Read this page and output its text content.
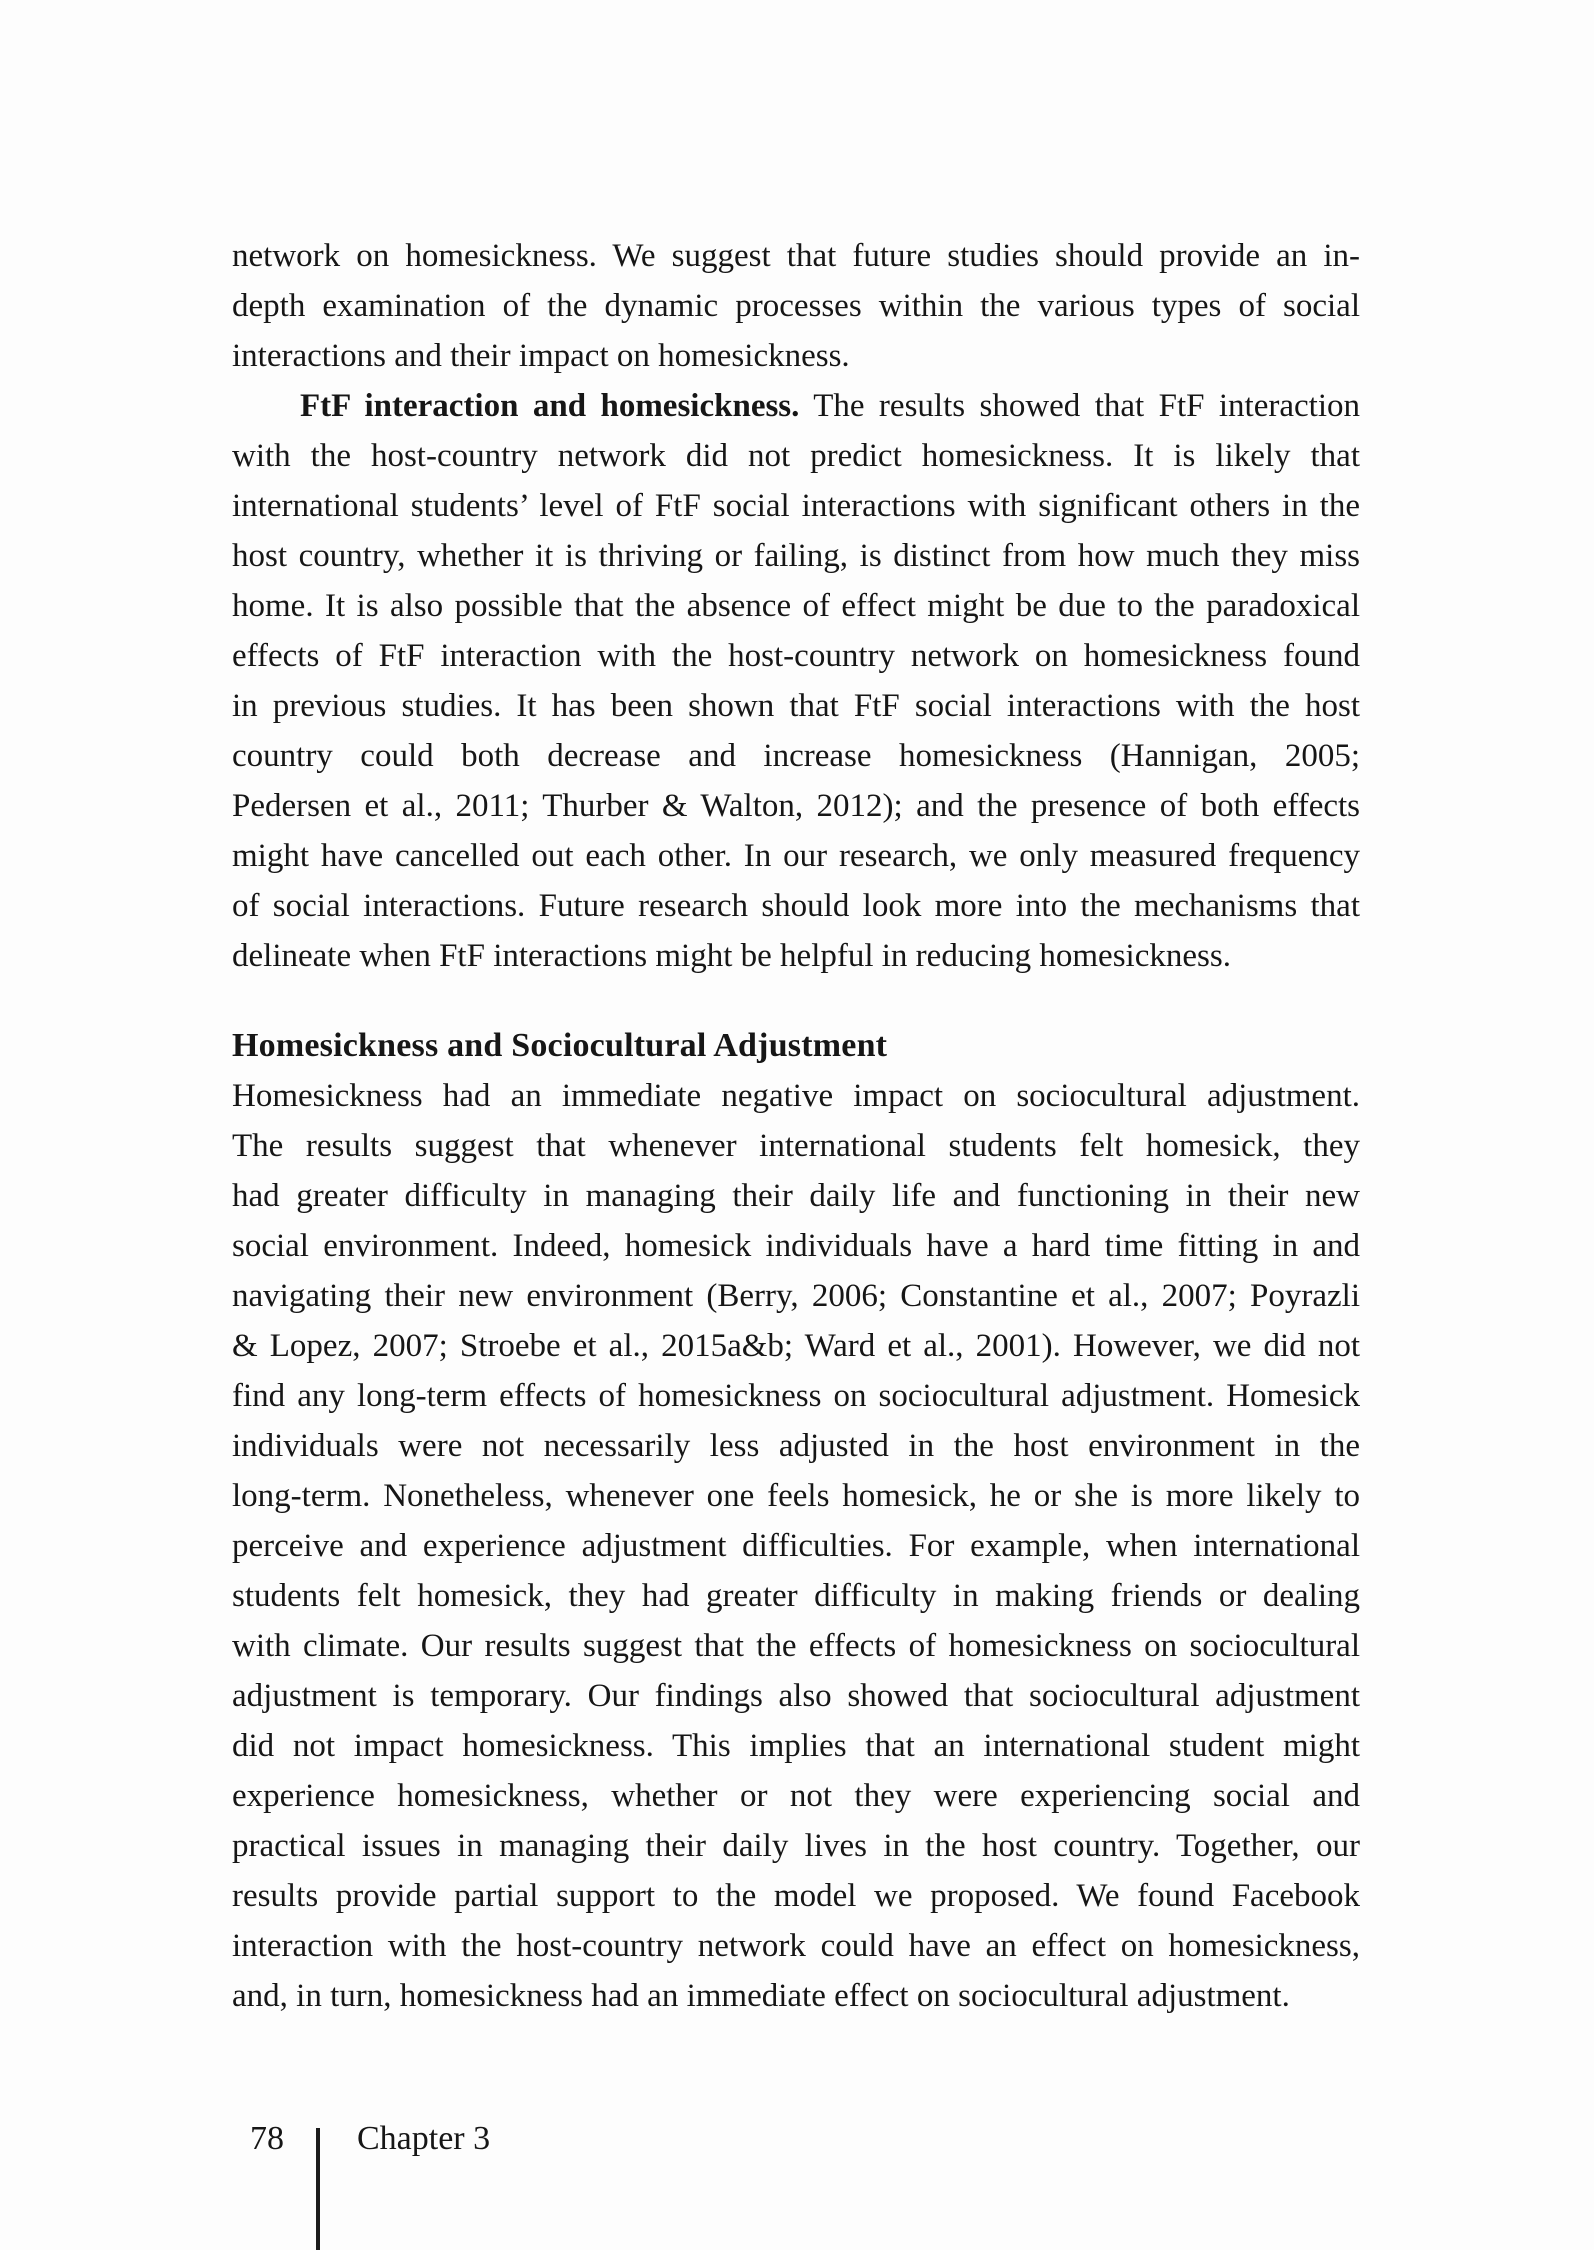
network on homesickness. We suggest that future studies should provide an in-
depth examination of the dynamic processes within the various types of social
interactions and their impact on homesickness.
FtF interaction and homesickness. The results showed that FtF interaction
with the host-country network did not predict homesickness. It is likely that
international students’ level of FtF social interactions with significant others in the
host country, whether it is thriving or failing, is distinct from how much they miss
home. It is also possible that the absence of effect might be due to the paradoxical
effects of FtF interaction with the host-country network on homesickness found
in previous studies. It has been shown that FtF social interactions with the host
country could both decrease and increase homesickness (Hannigan, 2005;
Pedersen et al., 2011; Thurber & Walton, 2012); and the presence of both effects
might have cancelled out each other. In our research, we only measured frequency
of social interactions. Future research should look more into the mechanisms that
delineate when FtF interactions might be helpful in reducing homesickness.
Homesickness and Sociocultural Adjustment
Homesickness had an immediate negative impact on sociocultural adjustment.
The results suggest that whenever international students felt homesick, they
had greater difficulty in managing their daily life and functioning in their new
social environment. Indeed, homesick individuals have a hard time fitting in and
navigating their new environment (Berry, 2006; Constantine et al., 2007; Poyrazli
& Lopez, 2007; Stroebe et al., 2015a&b; Ward et al., 2001). However, we did not
find any long-term effects of homesickness on sociocultural adjustment. Homesick
individuals were not necessarily less adjusted in the host environment in the
long-term. Nonetheless, whenever one feels homesick, he or she is more likely to
perceive and experience adjustment difficulties. For example, when international
students felt homesick, they had greater difficulty in making friends or dealing
with climate. Our results suggest that the effects of homesickness on sociocultural
adjustment is temporary. Our findings also showed that sociocultural adjustment
did not impact homesickness. This implies that an international student might
experience homesickness, whether or not they were experiencing social and
practical issues in managing their daily lives in the host country. Together, our
results provide partial support to the model we proposed. We found Facebook
interaction with the host-country network could have an effect on homesickness,
and, in turn, homesickness had an immediate effect on sociocultural adjustment.
78 Chapter 3
